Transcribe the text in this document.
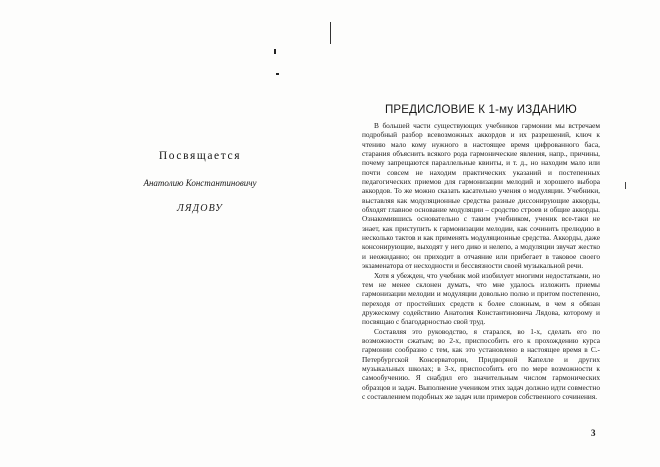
Посвящается
Анатолию Константиновичу
ЛЯДОВУ
ПРЕДИСЛОВИЕ К 1-му ИЗДАНИЮ

В большей части существующих учебников гармонии мы встречаем подробный разбор всевозможных аккордов и их разрешений, ключ к чтению мало кому нужного в настоящее время цифрованного баса, старания объяснить всякого рода гармонические явления, напр., причины, почему запрещаются параллельные квинты, и т. д., но находим мало или почти совсем не находим практических указаний и постепенных педагогических приемов для гармонизации мелодий и хорошего выбора аккордов. То же можно сказать касательно учения о модуляции. Учебники, выставляя как модуляционные средства разные диссонирующие аккорды, обходят главное основание модуляции – сродство строев и общие аккорды. Ознакомившись основательно с таким учебником, ученик все-таки не знает, как приступить к гармонизации мелодии, как сочинить прелюдию в несколько тактов и как применять модуляционные средства. Аккорды, даже консонирующие, выходят у него дико и нелепо, а модуляции звучат жестко и неожиданно; он приходит в отчаяние или прибегает в таковое своего экзаменатора от несходности и бессвязности своей музыкальной речи.

Хотя я убежден, что учебник мой изобилует многими недостатками, но тем не менее склонен думать, что мне удалось изложить приемы гармонизации мелодии и модуляции довольно полно и притом постепенно, переходя от простейших средств к более сложным, в чем я обязан дружескому содействию Анатолия Константиновича Лядова, которому и посвящаю с благодарностью свой труд.

Составляя это руководство, я старался, во 1-х, сделать его по возможности сжатым; во 2-х, приспособить его к прохождению курса гармонии сообразно с тем, как это установлено в настоящее время в С.-Петербургской Консерватории, Придворной Капелле и других музыкальных школах; в 3-х, приспособить его по мере возможности к самообучению. Я снабдил его значительным числом гармонических образцов и задач. Выполнение учеником этих задач должно идти совместно с составлением подобных же задач или примеров собственного сочинения.

3
